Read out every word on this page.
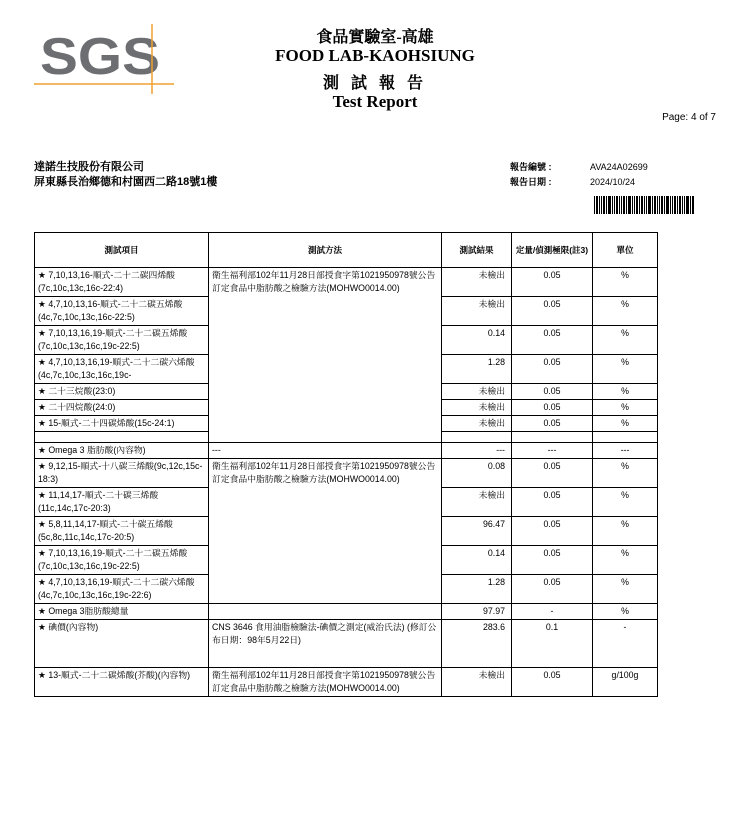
SGS	食品實驗室-高雄
FOOD LAB-KAOHSIUNG
測 試 報 告
Test Report
Page: 4 of 7
達諾生技股份有限公司
屏東縣長治鄉德和村園西二路18號1樓
報告編號 :	AVA24A02699
報告日期 :	2024/10/24
測試項目	測試方法	測試結果	定量/偵測極限(註3)	單位
★ 7,10,13,16-順式-二十二碳四烯酸(7c,10c,13c,16c-22:4)	衛生福利部102年11月28日部授食字第1021950978號公告訂定食品中脂肪酸之檢驗方法(MOHWO0014.00)	未檢出	0.05	%
★ 4,7,10,13,16-順式-二十二碳五烯酸(4c,7c,10c,13c,16c-22:5)		未檢出	0.05	%
★ 7,10,13,16,19-順式-二十二碳五烯酸(7c,10c,13c,16c,19c-22:5)		0.14	0.05	%
★ 4,7,10,13,16,19-順式-二十二碳六烯酸(4c,7c,10c,13c,16c,19c-		1.28	0.05	%
★ 二十三烷酸(23:0)		未檢出	0.05	%
★ 二十四烷酸(24:0)		未檢出	0.05	%
★ 15-順式-二十四碳烯酸(15c-24:1)		未檢出	0.05	%

★ Omega 3 脂肪酸(內容物)	---	---	---	---
★ 9,12,15-順式-十八碳三烯酸(9c,12c,15c-18:3)	衛生福利部102年11月28日部授食字第1021950978號公告訂定食品中脂肪酸之檢驗方法(MOHWO0014.00)	0.08	0.05	%
★ 11,14,17-順式-二十碳三烯酸(11c,14c,17c-20:3)		未檢出	0.05	%
★ 5,8,11,14,17-順式-二十碳五烯酸(5c,8c,11c,14c,17c-20:5)		96.47	0.05	%
★ 7,10,13,16,19-順式-二十二碳五烯酸(7c,10c,13c,16c,19c-22:5)		0.14	0.05	%
★ 4,7,10,13,16,19-順式-二十二碳六烯酸(4c,7c,10c,13c,16c,19c-22:6)		1.28	0.05	%
★ Omega 3脂肪酸總量		97.97	-	%
★ 碘價(內容物)	CNS 3646 食用油脂檢驗法-碘價之測定(威治氏法) (修訂公布日期：98年5月22日)	283.6	0.1	-
★ 13-順式-二十二碳烯酸(芥酸)(內容物)	衛生福利部102年11月28日部授食字第1021950978號公告訂定食品中脂肪酸之檢驗方法(MOHWO0014.00)	未檢出	0.05	g/100g
